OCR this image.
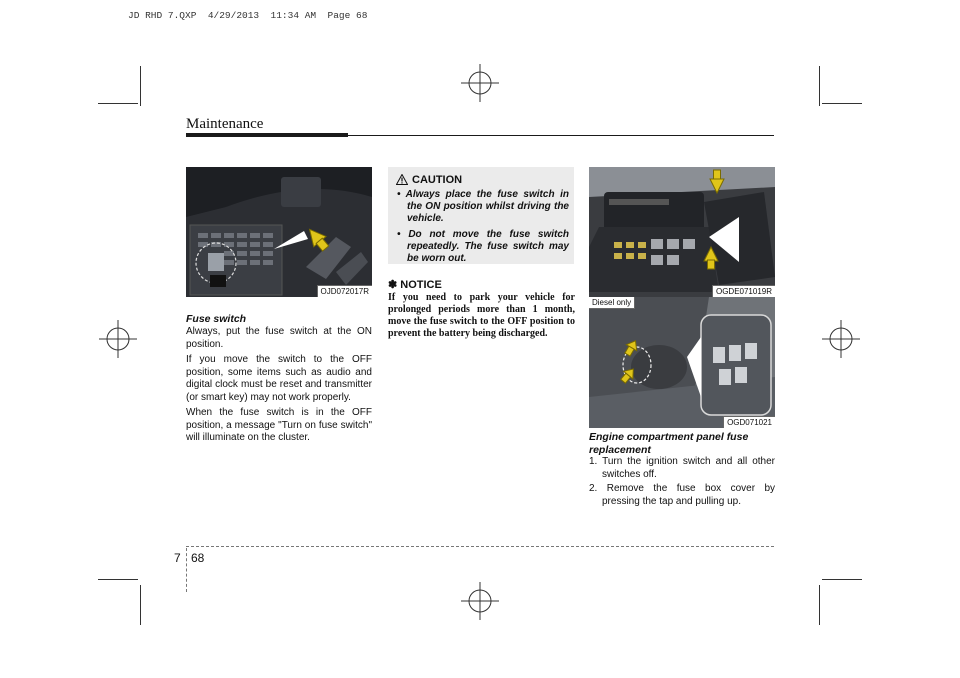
JD RHD 7.QXP  4/29/2013  11:34 AM  Page 68
Maintenance
OJD072017R
Fuse switch

Always, put the fuse switch at the ON position.

If you move the switch to the OFF position, some items such as audio and digital clock must be reset and transmitter (or smart key) may not work properly.

When the fuse switch is in the OFF position, a message "Turn on fuse switch" will illuminate on the cluster.

CAUTION
• Always place the fuse switch in the ON position whilst driving the vehicle.
• Do not move the fuse switch repeatedly. The fuse switch may be worn out.
✽ NOTICE
If you need to park your vehicle for prolonged periods more than 1 month, move the fuse switch to the OFF position to prevent the battery being discharged.
OGDE071019R
Diesel only
OGD071021
Engine compartment panel fuse replacement
1. Turn the ignition switch and all other switches off.
2. Remove the fuse box cover by pressing the tap and pulling up.
7 68
